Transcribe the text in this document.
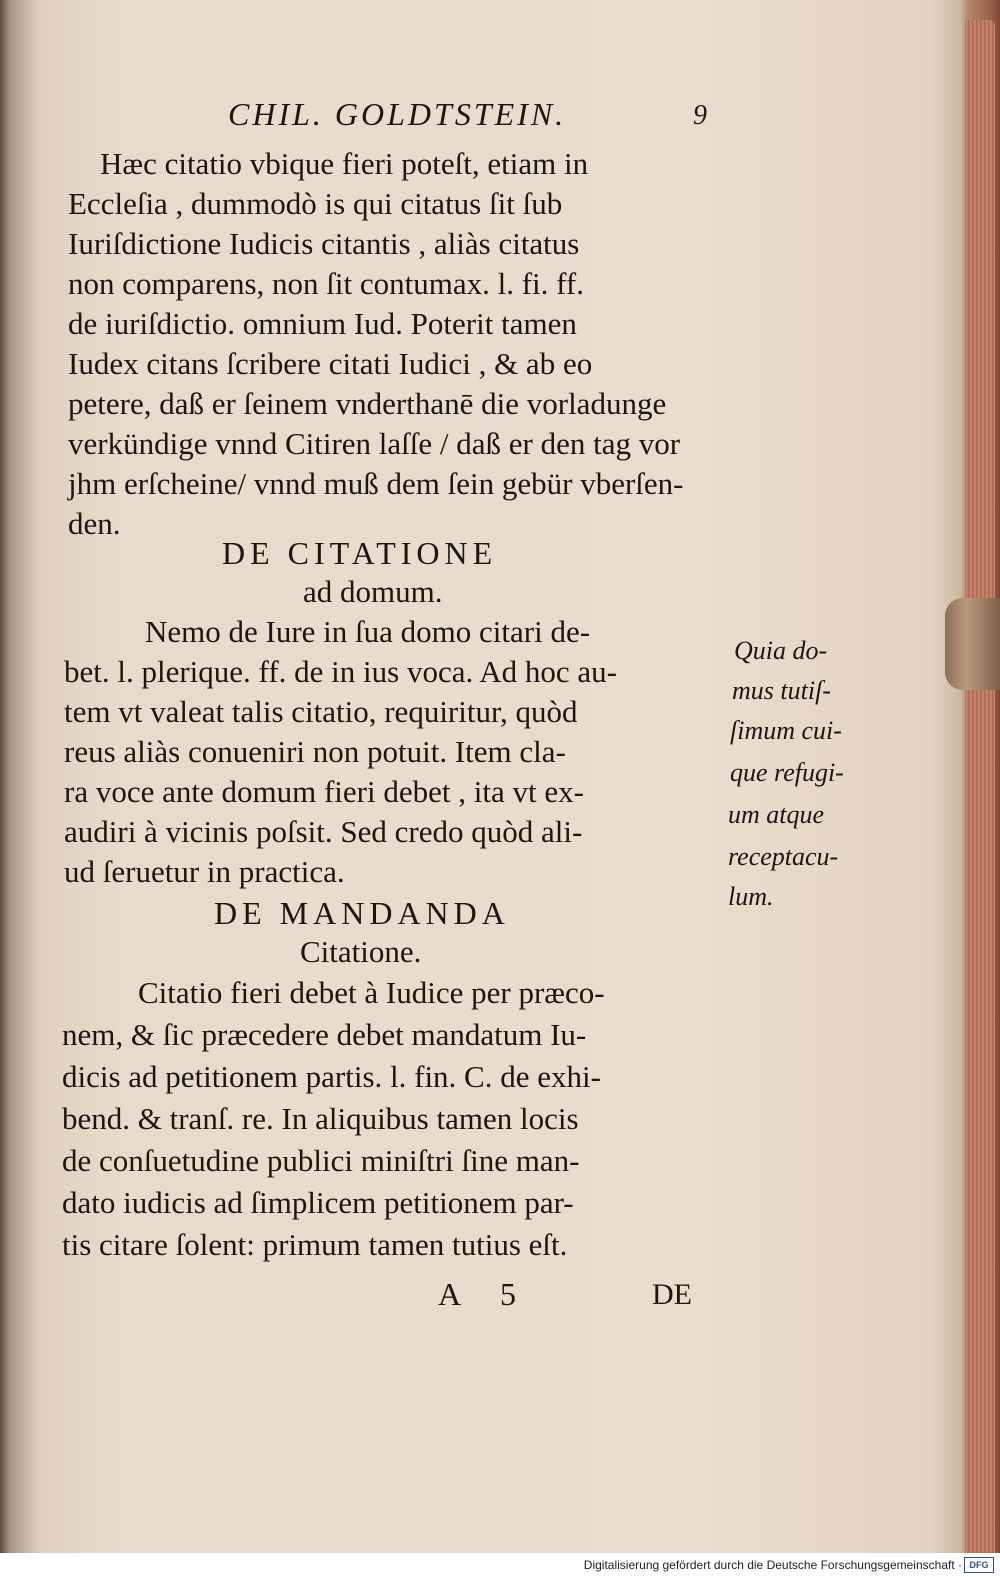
CHIL. GOLDTSTEIN.	9
Hæc citatio vbique fieri poteſt, etiam in
Eccleſia , dummodò is qui citatus ſit ſub
Iuriſdictione Iudicis citantis , aliàs citatus
non comparens, non ſit contumax. l. fi. ff.
de iuriſdictio. omnium Iud. Poterit tamen
Iudex citans ſcribere citati Iudici , & ab eo
petere, daß er ſeinem vnderthanē die vorladunge
verkündige vnnd Citiren laſſe / daß er den tag vor
jhm erſcheine/ vnnd muß dem ſein gebür vberſen-
den.
DE CITATIONE
ad domum.
Nemo de Iure in ſua domo citari de-
bet. l. plerique. ff. de in ius voca. Ad hoc au-
tem vt valeat talis citatio, requiritur, quòd
reus aliàs conueniri non potuit. Item cla-
ra voce ante domum fieri debet , ita vt ex-
audiri à vicinis poſsit. Sed credo quòd ali-
ud ſeruetur in practica.
Quia do-
mus tutiſ-
ſimum cui-
que refugi-
um atque
receptacu-
lum.
DE MANDANDA
Citatione.
Citatio fieri debet à Iudice per præco-
nem, & ſic præcedere debet mandatum Iu-
dicis ad petitionem partis. l. fin. C. de exhi-
bend. & tranſ. re. In aliquibus tamen locis
de conſuetudine publici miniſtri ſine man-
dato iudicis ad ſimplicem petitionem par-
tis citare ſolent: primum tamen tutius eſt.
A 5	DE
Digitalisierung gefördert durch die Deutsche Forschungsgemeinschaft · DFG
